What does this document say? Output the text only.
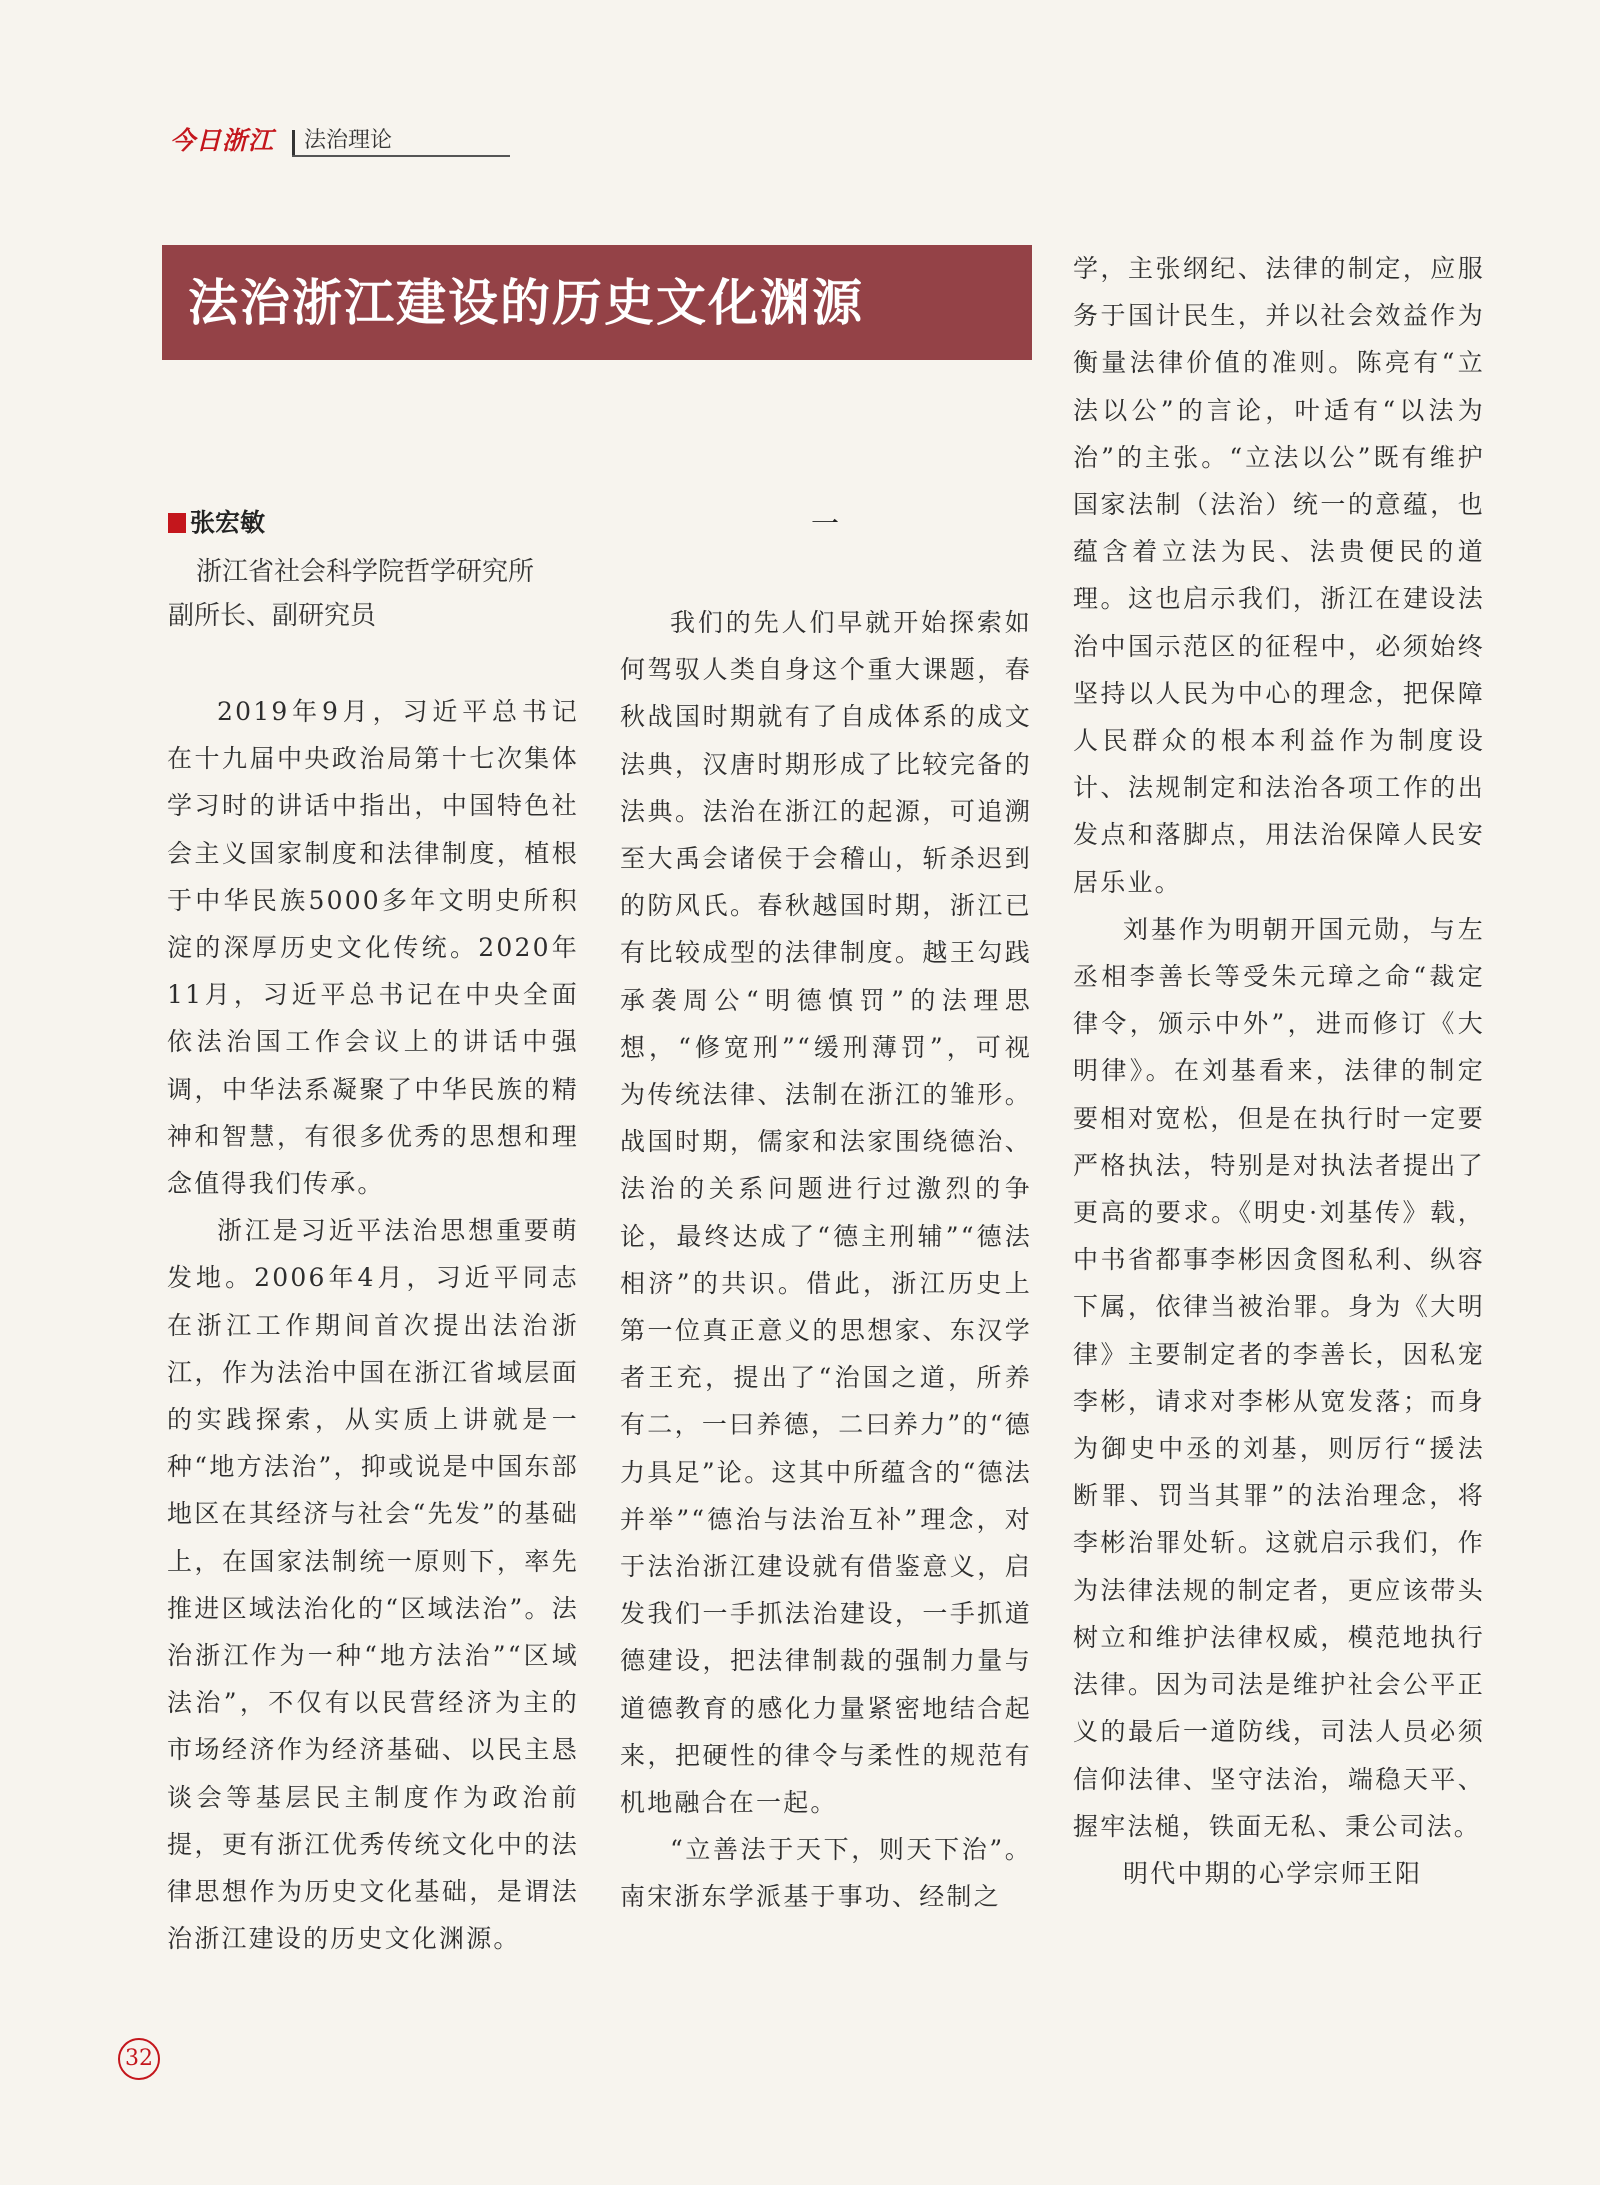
今日浙江 法治理论
法治浙江建设的历史文化渊源
张宏敏

浙江省社会科学院哲学研究所

副所长、副研究员

一

2019年9月，习近平总书记在十九届中央政治局第十七次集体学习时的讲话中指出，中国特色社会主义国家制度和法律制度，植根于中华民族5000多年文明史所积淀的深厚历史文化传统。2020年11月，习近平总书记在中央全面依法治国工作会议上的讲话中强调，中华法系凝聚了中华民族的精神和智慧，有很多优秀的思想和理念值得我们传承。

浙江是习近平法治思想重要萌发地。2006年4月，习近平同志在浙江工作期间首次提出法治浙江，作为法治中国在浙江省域层面的实践探索，从实质上讲就是一种“地方法治”，抑或说是中国东部地区在其经济与社会“先发”的基础上，在国家法制统一原则下，率先推进区域法治化的“区域法治”。法治浙江作为一种“地方法治”“区域法治”，不仅有以民营经济为主的市场经济作为经济基础、以民主恳谈会等基层民主制度作为政治前提，更有浙江优秀传统文化中的法律思想作为历史文化基础，是谓法治浙江建设的历史文化渊源。

我们的先人们早就开始探索如何驾驭人类自身这个重大课题，春秋战国时期就有了自成体系的成文法典，汉唐时期形成了比较完备的法典。法治在浙江的起源，可追溯至大禹会诸侯于会稽山，斩杀迟到的防风氏。春秋越国时期，浙江已有比较成型的法律制度。越王勾践承袭周公“明德慎罚”的法理思想，“修宽刑”“缓刑薄罚”，可视为传统法律、法制在浙江的雏形。战国时期，儒家和法家围绕德治、法治的关系问题进行过激烈的争论，最终达成了“德主刑辅”“德法相济”的共识。借此，浙江历史上第一位真正意义的思想家、东汉学者王充，提出了“治国之道，所养有二，一曰养德，二曰养力”的“德力具足”论。这其中所蕴含的“德法并举”“德治与法治互补”理念，对于法治浙江建设就有借鉴意义，启发我们一手抓法治建设，一手抓道德建设，把法律制裁的强制力量与道德教育的感化力量紧密地结合起来，把硬性的律令与柔性的规范有机地融合在一起。

“立善法于天下，则天下治”。南宋浙东学派基于事功、经制之

学，主张纲纪、法律的制定，应服务于国计民生，并以社会效益作为衡量法律价值的准则。陈亮有“立法以公”的言论，叶适有“以法为治”的主张。“立法以公”既有维护国家法制（法治）统一的意蕴，也蕴含着立法为民、法贵便民的道理。这也启示我们，浙江在建设法治中国示范区的征程中，必须始终坚持以人民为中心的理念，把保障人民群众的根本利益作为制度设计、法规制定和法治各项工作的出发点和落脚点，用法治保障人民安居乐业。

刘基作为明朝开国元勋，与左丞相李善长等受朱元璋之命“裁定律令，颁示中外”，进而修订《大明律》。在刘基看来，法律的制定要相对宽松，但是在执行时一定要严格执法，特别是对执法者提出了更高的要求。《明史·刘基传》载，中书省都事李彬因贪图私利、纵容下属，依律当被治罪。身为《大明律》主要制定者的李善长，因私宠李彬，请求对李彬从宽发落；而身为御史中丞的刘基，则厉行“援法断罪、罚当其罪”的法治理念，将李彬治罪处斩。这就启示我们，作为法律法规的制定者，更应该带头树立和维护法律权威，模范地执行法律。因为司法是维护社会公平正义的最后一道防线，司法人员必须信仰法律、坚守法治，端稳天平、握牢法槌，铁面无私、秉公司法。

明代中期的心学宗师王阳

32
